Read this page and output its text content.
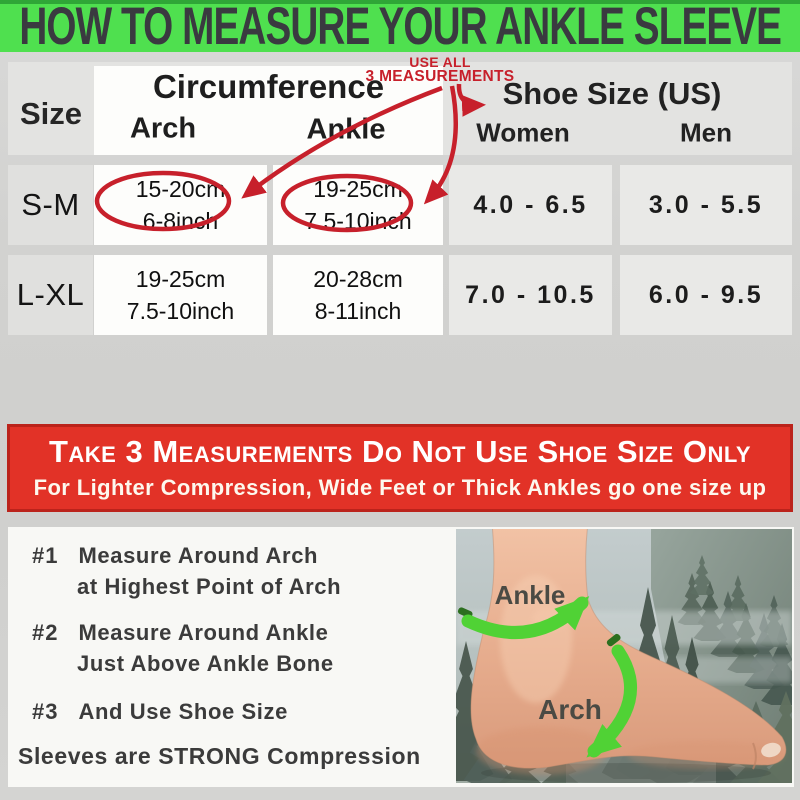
HOW TO MEASURE YOUR ANKLE SLEEVE
Size
Circumference
Arch	Ankle
Shoe Size (US)
Women	Men
S-M 15-20cm
6-8inch
19-25cm
7.5-10inch
4.0 - 6.5 3.0 - 5.5
L-XL 19-25cm
7.5-10inch
20-28cm
8-11inch
7.0 - 10.5 6.0 - 9.5
USE ALL
3 MEASUREMENTS
Take 3 Measurements Do Not Use Shoe Size Only
For Lighter Compression, Wide Feet or Thick Ankles go one size up
#1 Measure Around Arch
at Highest Point of Arch
#2 Measure Around Ankle
Just Above Ankle Bone
#3 And Use Shoe Size
Sleeves are STRONG Compression
Ankle
Arch
